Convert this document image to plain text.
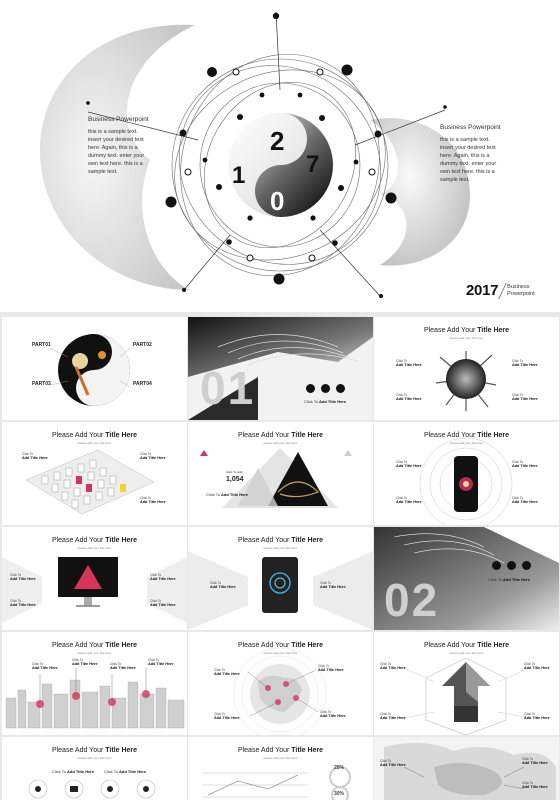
1
2
0
7
Business Powerpoint
this is a sample text. insert your desired text here. Again, this is a dummy text. enter your own text here. this is a sample text.
Business Powerpoint
this is a sample text. insert your desired text here. Again, this is a dummy text. enter your own text here. this is a sample text.
2017 Business Powerpoint
PART01	PART02
PART03	PART04 01	Click To Add Title Here
Please Add Your Title Here
please add your title here
Click To
Add Title Here
Click To
Add Title Here
Click To
Add Title Here
Click To
Add Title Here
Please Add Your Title Here
please add your title here
Click To
Add Title Here
Click To
Add Title Here
Click To
Add Title Here
Please Add Your Title Here
please add your title here
1,054
Click To Add
Click To Add Title Here
Please Add Your Title Here
please add your title here
Click To
Add Title Here
Click To
Add Title Here
Click To
Add Title Here
Click To
Add Title Here
Please Add Your Title Here
please add your title here
Click To
Add Title Here
Click To
Add Title Here
Click To
Add Title Here
Click To
Add Title Here
Please Add Your Title Here
please add your title here
Click To
Add Title Here
Click To
Add Title Here 02	Click To Add Title Here
Please Add Your Title Here
please add your title here
Click To
Add Title Here
Click To
Add Title Here	Click To
Add Title Here
Click To
Add Title Here
Please Add Your Title Here
please add your title here
Click To
Add Title Here
Click To
Add Title Here
Click To
Add Title Here
Click To
Add Title Here
Please Add Your Title Here
please add your title here
Click To
Add Title Here
Click To
Add Title Here
Click To
Add Title Here
Click To
Add Title Here
Please Add Your Title Here
please add your title here
Click To Add Title Here Click To Add Title Here
Please Add Your Title Here
please add your title here
25%
30%
Click To
Add Title Here
Click To
Add Title Here
Click To
Add Title Here
